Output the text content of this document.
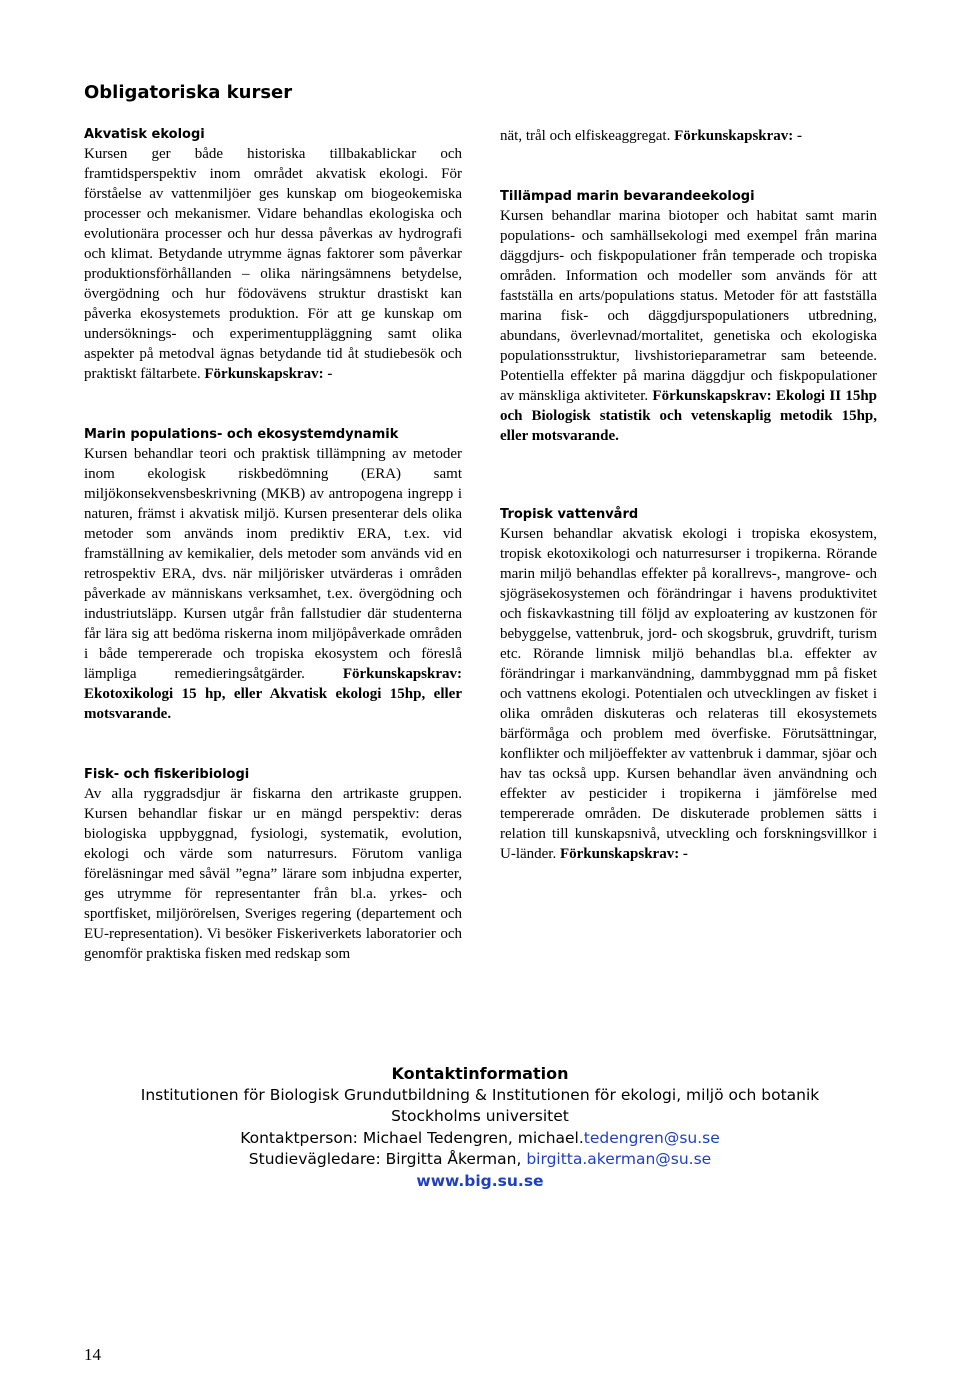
Obligatoriska kurser
Akvatisk ekologi

Kursen ger både historiska tillbakablickar och framtidsperspektiv inom området akvatisk ekologi. För förståelse av vattenmiljöer ges kunskap om biogeokemiska processer och mekanismer. Vidare behandlas ekologiska och evolutionära processer och hur dessa påverkas av hydrografi och klimat. Betydande utrymme ägnas faktorer som påverkar produktionsförhållanden – olika näringsämnens betydelse, övergödning och hur födovävens struktur drastiskt kan påverka ekosystemets produktion. För att ge kunskap om undersöknings- och experimentuppläggning samt olika aspekter på metodval ägnas betydande tid åt studiebesök och praktiskt fältarbete. Förkunskapskrav: -

Marin populations- och ekosystemdynamik

Kursen behandlar teori och praktisk tillämpning av metoder inom ekologisk riskbedömning (ERA) samt miljökonsekvensbeskrivning (MKB) av antropogena ingrepp i naturen, främst i akvatisk miljö. Kursen presenterar dels olika metoder som används inom prediktiv ERA, t.ex. vid framställning av kemikalier, dels metoder som används vid en retrospektiv ERA, dvs. när miljörisker utvärderas i områden påverkade av människans verksamhet, t.ex. övergödning och industriutsläpp. Kursen utgår från fallstudier där studenterna får lära sig att bedöma riskerna inom miljöpåverkade områden i både tempererade och tropiska ekosystem och föreslå lämpliga remedieringsåtgärder.	Förkunskapskrav: Ekotoxikologi 15 hp, eller Akvatisk ekologi 15hp, eller motsvarande.

Fisk- och fiskeribiologi

Av alla ryggradsdjur är fiskarna den artrikaste gruppen. Kursen behandlar fiskar ur en mängd perspektiv: deras biologiska uppbyggnad, fysiologi, systematik, evolution, ekologi och värde som naturresurs. Förutom vanliga föreläsningar med såväl ”egna” lärare som inbjudna experter, ges utrymme för representanter från bl.a. yrkes- och sportfisket, miljörörelsen, Sveriges regering (departement och EU-representation). Vi besöker Fiskeriverkets laboratorier och genomför praktiska fisken med redskap som

nät, trål och elfiskeaggregat. Förkunskapskrav: -

Tillämpad marin bevarandeekologi

Kursen behandlar marina biotoper och habitat samt marin populations- och samhällsekologi med exempel från marina däggdjurs- och fiskpopulationer från temperade och tropiska områden. Information och modeller som används för att fastställa en arts/populations status. Metoder för att fastställa marina fisk- och däggdjurspopulationers utbredning, abundans, överlevnad/mortalitet, genetiska och ekologiska populationsstruktur, livshistorieparametrar sam beteende. Potentiella effekter på marina däggdjur och fiskpopulationer av mänskliga aktiviteter. Förkunskapskrav: Ekologi II 15hp och Biologisk statistik och vetenskaplig metodik 15hp, eller motsvarande.

Tropisk vattenvård

Kursen behandlar akvatisk ekologi i tropiska ekosystem, tropisk ekotoxikologi och naturresurser i tropikerna. Rörande marin miljö behandlas effekter på korallrevs-, mangrove- och sjögräsekosystemen och förändringar i havens produktivitet och fiskavkastning till följd av exploatering av kustzonen för bebyggelse, vattenbruk, jord- och skogsbruk, gruvdrift, turism etc. Rörande limnisk miljö behandlas bl.a. effekter av förändringar i markanvändning, dammbyggnad mm på fisket och vattnens ekologi. Potentialen och utvecklingen av fisket i olika områden diskuteras och relateras till ekosystemets bärförmåga och problem med överfiske. Förutsättningar, konflikter och miljöeffekter av vattenbruk i dammar, sjöar och hav tas också upp. Kursen behandlar även användning och effekter av pesticider i tropikerna i jämförelse med tempererade områden. De diskuterade problemen sätts i relation till kunskapsnivå, utveckling och forskningsvillkor i U-länder. Förkunskapskrav: -

Kontaktinformation
Institutionen för Biologisk Grundutbildning & Institutionen för ekologi, miljö och botanik
Stockholms universitet
Kontaktperson: Michael Tedengren, michael.tedengren@su.se
Studievägledare: Birgitta Åkerman, birgitta.akerman@su.se
www.big.su.se
14
